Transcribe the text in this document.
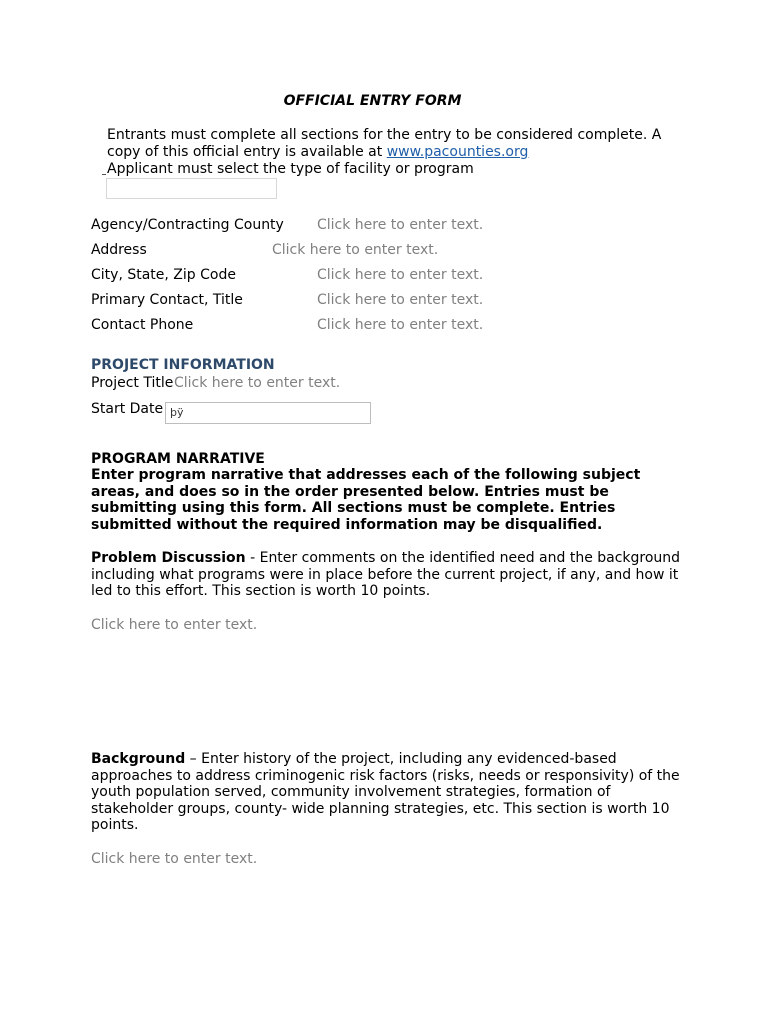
OFFICIAL ENTRY FORM
Entrants must complete all sections for the entry to be considered complete. A copy of this official entry is available at www.pacounties.org
Applicant must select the type of facility or program
Agency/Contracting County Click here to enter text.
Address	Click here to enter text.
City, State, Zip Code	Click here to enter text.
Primary Contact, Title	Click here to enter text.
Contact Phone	Click here to enter text.
PROJECT INFORMATION
Project Title Click here to enter text.
Start Date þÿ
PROGRAM NARRATIVE
Enter program narrative that addresses each of the following subject areas, and does so in the order presented below. Entries must be submitting using this form. All sections must be complete. Entries submitted without the required information may be disqualified.
Problem Discussion - Enter comments on the identified need and the background including what programs were in place before the current project, if any, and how it led to this effort. This section is worth 10 points.
Click here to enter text.
Background – Enter history of the project, including any evidenced-based approaches to address criminogenic risk factors (risks, needs or responsivity) of the youth population served, community involvement strategies, formation of stakeholder groups, county- wide planning strategies, etc. This section is worth 10 points.
Click here to enter text.
